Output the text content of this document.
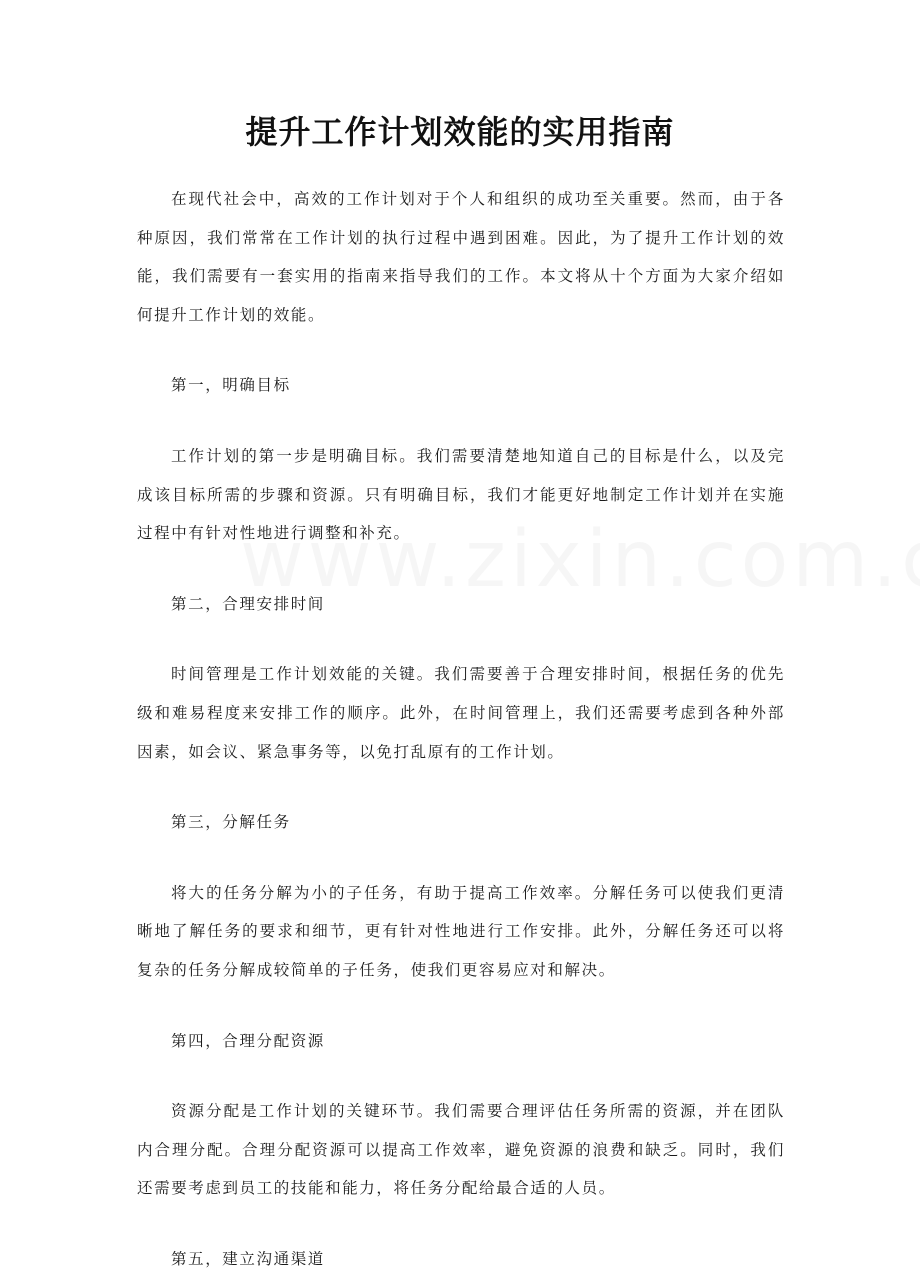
提升工作计划效能的实用指南

在现代社会中，高效的工作计划对于个人和组织的成功至关重要。然而，由于各种原因，我们常常在工作计划的执行过程中遇到困难。因此，为了提升工作计划的效能，我们需要有一套实用的指南来指导我们的工作。本文将从十个方面为大家介绍如何提升工作计划的效能。

第一，明确目标

工作计划的第一步是明确目标。我们需要清楚地知道自己的目标是什么，以及完成该目标所需的步骤和资源。只有明确目标，我们才能更好地制定工作计划并在实施过程中有针对性地进行调整和补充。

第二，合理安排时间

时间管理是工作计划效能的关键。我们需要善于合理安排时间，根据任务的优先级和难易程度来安排工作的顺序。此外，在时间管理上，我们还需要考虑到各种外部因素，如会议、紧急事务等，以免打乱原有的工作计划。

第三，分解任务

将大的任务分解为小的子任务，有助于提高工作效率。分解任务可以使我们更清晰地了解任务的要求和细节，更有针对性地进行工作安排。此外，分解任务还可以将复杂的任务分解成较简单的子任务，使我们更容易应对和解决。

第四，合理分配资源

资源分配是工作计划的关键环节。我们需要合理评估任务所需的资源，并在团队内合理分配。合理分配资源可以提高工作效率，避免资源的浪费和缺乏。同时，我们还需要考虑到员工的技能和能力，将任务分配给最合适的人员。

第五，建立沟通渠道
